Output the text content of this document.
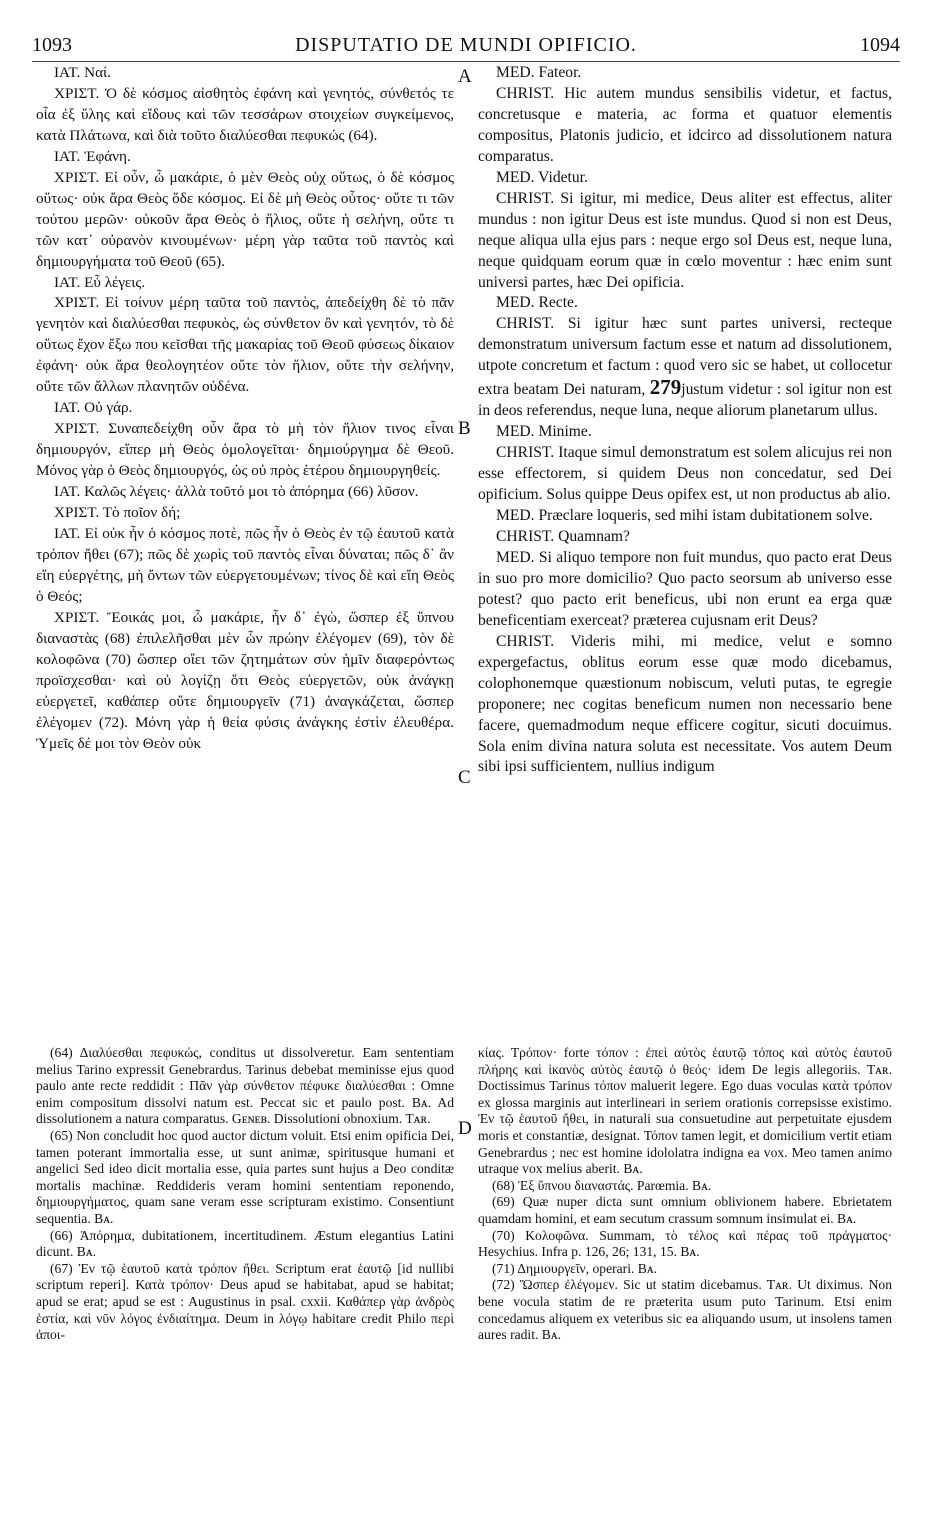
1093	DISPUTATIO DE MUNDI OPIFICIO.	1094

ΙΑΤ. Ναί.

ΧΡΙΣΤ. Ὁ δὲ κόσμος αἰσθητὸς ἐφάνη καὶ γενητός, σύνθετός τε οἷα ἐξ ὕλης καὶ εἴδους καὶ τῶν τεσσάρων στοιχείων συγκείμενος, κατὰ Πλάτωνα, καὶ διὰ τοῦτο διαλύεσθαι πεφυκώς (64).

ΙΑΤ. Ἐφάνη.

ΧΡΙΣΤ. Εἰ οὖν, ὦ μακάριε, ὁ μὲν Θεὸς οὐχ οὕτως, ὁ δὲ κόσμος οὕτως· οὐκ ἄρα Θεὸς ὅδε κόσμος. Εἰ δὲ μὴ Θεὸς οὗτος· οὔτε τι τῶν τούτου μερῶν· οὐκοῦν ἄρα Θεὸς ὁ ἥλιος, οὔτε ἡ σελήνη, οὔτε τι τῶν κατ᾿ οὐρανὸν κινουμένων· μέρη γὰρ ταῦτα τοῦ παντὸς καὶ δημιουργήματα τοῦ Θεοῦ (65).

ΙΑΤ. Εὖ λέγεις.

ΧΡΙΣΤ. Εἰ τοίνυν μέρη ταῦτα τοῦ παντὸς, ἀπεδείχθη δὲ τὸ πᾶν γενητὸν καὶ διαλύεσθαι πεφυκὸς, ὡς σύνθετον ὂν καὶ γενητόν, τὸ δὲ οὕτως ἔχον ἔξω που κεῖσθαι τῆς μακαρίας τοῦ Θεοῦ φύσεως δίκαιον ἐφάνη· οὐκ ἄρα θεολογητέον οὔτε τὸν ἥλιον, οὔτε τὴν σελήνην, οὔτε τῶν ἄλλων πλανητῶν οὐδένα.

ΙΑΤ. Οὐ γάρ.

ΧΡΙΣΤ. Συναπεδείχθη οὖν ἄρα τὸ μὴ τὸν ἥλιον τινος εἶναι δημιουργόν, εἴπερ μὴ Θεὸς ὁμολογεῖται· δημιούργημα δὲ Θεοῦ. Μόνος γὰρ ὁ Θεὸς δημιουργός, ὡς οὐ πρὸς ἑτέρου δημιουργηθείς.

ΙΑΤ. Καλῶς λέγεις· ἀλλὰ τοῦτό μοι τὸ ἀπόρημα (66) λῦσον.

ΧΡΙΣΤ. Τὸ ποῖον δή;

ΙΑΤ. Εἰ οὐκ ἦν ὁ κόσμος ποτὲ, πῶς ἦν ὁ Θεὸς ἐν τῷ ἑαυτοῦ κατὰ τρόπον ἤθει (67); πῶς δὲ χωρὶς τοῦ παντὸς εἶναι δύναται; πῶς δ᾿ ἂν εἴη εὐεργέτης, μὴ ὄντων τῶν εὐεργετουμένων; τίνος δὲ καὶ εἴη Θεὸς ὁ Θεός;

ΧΡΙΣΤ. Ἔοικάς μοι, ὦ μακάριε, ἦν δ᾿ ἐγὼ, ὥσπερ ἐξ ὕπνου διαναστὰς (68) ἐπιλελῆσθαι μὲν ὧν πρώην ἐλέγομεν (69), τὸν δὲ κολοφῶνα (70) ὥσπερ οἴει τῶν ζητημάτων σὺν ἡμῖν διαφερόντως προϊσχεσθαι· καὶ οὐ λογίζῃ ὅτι Θεὸς εὐεργετῶν, οὐκ ἀνάγκῃ εὐεργετεῖ, καθάπερ οὔτε δημιουργεῖν (71) ἀναγκάζεται, ὥσπερ ἐλέγομεν (72). Μόνη γὰρ ἡ θεία φύσις ἀνάγκης ἐστὶν ἐλευθέρα. Ὑμεῖς δέ μοι τὸν Θεὸν οὐκ

A
B
C
D

MED. Fateor.

CHRIST. Hic autem mundus sensibilis videtur, et factus, concretusque e materia, ac forma et quatuor elementis compositus, Platonis judicio, et idcirco ad dissolutionem natura comparatus.

MED. Videtur.

CHRIST. Si igitur, mi medice, Deus aliter est effectus, aliter mundus : non igitur Deus est iste mundus. Quod si non est Deus, neque aliqua ulla ejus pars : neque ergo sol Deus est, neque luna, neque quidquam eorum quæ in cœlo moventur : hæc enim sunt universi partes, hæc Dei opificia.

MED. Recte.

CHRIST. Si igitur hæc sunt partes universi, recteque demonstratum universum factum esse et natum ad dissolutionem, utpote concretum et factum : quod vero sic se habet, ut collocetur extra beatam Dei naturam, 279justum videtur : sol igitur non est in deos referendus, neque luna, neque aliorum planetarum ullus.

MED. Minime.

CHRIST. Itaque simul demonstratum est solem alicujus rei non esse effectorem, si quidem Deus non concedatur, sed Dei opificium. Solus quippe Deus opifex est, ut non productus ab alio.

MED. Præclare loqueris, sed mihi istam dubitationem solve.

CHRIST. Quamnam?

MED. Si aliquo tempore non fuit mundus, quo pacto erat Deus in suo pro more domicilio? Quo pacto seorsum ab universo esse potest? quo pacto erit beneficus, ubi non erunt ea erga quæ beneficentiam exerceat? præterea cujusnam erit Deus?

CHRIST. Videris mihi, mi medice, velut e somno expergefactus, oblitus eorum esse quæ modo dicebamus, colophonemque quæstionum nobiscum, veluti putas, te egregie proponere; nec cogitas beneficum numen non necessario bene facere, quemadmodum neque efficere cogitur, sicuti docuimus. Sola enim divina natura soluta est necessitate. Vos autem Deum sibi ipsi sufficientem, nullius indigum

(64) Διαλύεσθαι πεφυκώς, conditus ut dissolveretur. Eam sententiam melius Tarino expressit Genebrardus. Tarinus debebat meminisse ejus quod paulo ante recte reddidit : Πᾶν γὰρ σύνθετον πέφυκε διαλύεσθαι : Omne enim compositum dissolvi natum est. Peccat sic et paulo post. Bᴀ. Ad dissolutionem a natura comparatus. Gᴇɴᴇʙ. Dissolutioni obnoxium. Tᴀʀ.

(65) Non concludit hoc quod auctor dictum voluit. Etsi enim opificia Dei, tamen poterant immortalia esse, ut sunt animæ, spiritusque humani et angelici Sed ideo dicit mortalia esse, quia partes sunt hujus a Deo conditæ mortalis machinæ. Reddideris veram homini sententiam reponendo, δημιουργήματος, quam sane veram esse scripturam existimo. Consentiunt sequentia. Bᴀ.

(66) Ἀπόρημα, dubitationem, incertitudinem. Æstum elegantius Latini dicunt. Bᴀ.

(67) Ἐν τῷ ἑαυτοῦ κατὰ τρόπον ἤθει. Scriptum erat ἑαυτῷ [id nullibi scriptum reperi]. Κατὰ τρόπον· Deus apud se habitabat, apud se habitat; apud se erat; apud se est : Augustinus in psal. cxxii. Καθάπερ γὰρ ἀνδρὸς ἑστία, καὶ νῦν λόγος ἐνδιαίτημα. Deum in λόγῳ habitare credit Philo περὶ ἀποι-

κίας. Τρόπον· forte τόπον : ἐπεὶ αὐτὸς ἑαυτῷ τόπος καὶ αὐτὸς ἑαυτοῦ πλήρης καὶ ἱκανὸς αὐτὸς ἑαυτῷ ὁ θεός· idem De legis allegoriis. Tᴀʀ. Doctissimus Tarinus τόπον maluerit legere. Ego duas voculas κατὰ τρόπον ex glossa marginis aut interlineari in seriem orationis correpsisse existimo. Ἐν τῷ ἑαυτοῦ ἤθει, in naturali sua consuetudine aut perpetuitate ejusdem moris et constantiæ, designat. Τόπον tamen legit, et domicilium vertit etiam Genebrardus ; nec est homine idololatra indigna ea vox. Meo tamen animo utraque vox melius aberit. Bᴀ.

(68) Ἐξ ὕπνου διαναστάς. Parœmia. Bᴀ.

(69) Quæ nuper dicta sunt omnium oblivionem habere. Ebrietatem quamdam homini, et eam secutum crassum somnum insimulat ei. Bᴀ.

(70) Κολοφῶνα. Summam, τὸ τέλος καὶ πέρας τοῦ πράγματος· Hesychius. Infra p. 126, 26; 131, 15. Bᴀ.

(71) Δημιουργεῖν, operari. Bᴀ.

(72) Ὥσπερ ἐλέγομεν. Sic ut statim dicebamus. Tᴀʀ. Ut diximus. Non bene vocula statim de re præterita usum puto Tarinum. Etsi enim concedamus aliquem ex veteribus sic ea aliquando usum, ut insolens tamen aures radit. Bᴀ.
